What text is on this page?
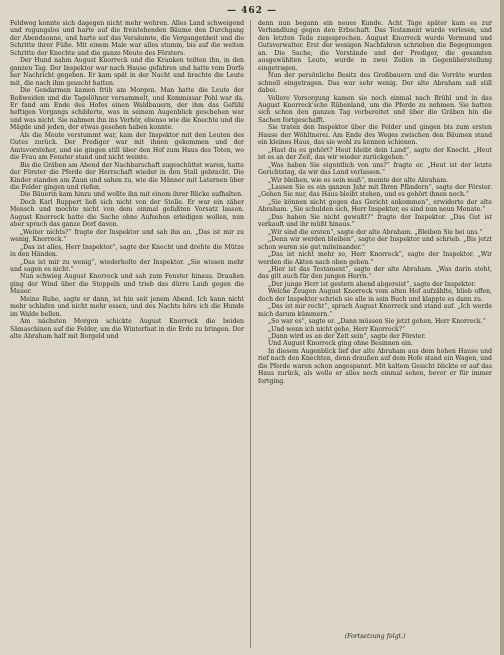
— 462 —

Feldweg konnte sich dagegen nicht mehr wehren. Alles Land schweigend und regungslos und harte auf die freistehenden Bäume den Durchgang der Abendsonne, und harte auf das Versäumte, die Vergangenheit und die Schritte ihrer Füße. Mit einem Male war alles stumm, bis auf die weiten Schritte der Knechte und die ganze Meute des Försters.

Der Hund nahm August Knorreck und die Kranken teilten ihn, in den ganzen Tag. Der Inspektor war nach Hause gefahren und hatte vom Dorfe her Nachricht gegeben. Er kam spät in der Nacht und brachte die Leute mit, die nach ihm gesucht hatten.

Die Gendarmen kamen früh am Morgen. Man hatte die Leute der Roßweiden und die Tagelöhner versammelt, und Kommissar Pohl war da. Er fand am Ende des Hofes einen Waldbauern, der ihm das Gefühl heftigen Vorgangs schilderte, was in seinem Augenblick geschehen war und was nicht. Sie nahmen ihn ins Verhör, ebenso wie die Knechte und die Mägde und jeden, der etwas gesehen haben konnte.

Als die Meute verstummt war, kam der Inspektor mit den Leuten des Gutes zurück. Der Prediger war mit ihnen gekommen und der Amtsvorsteher, und sie gingen still über den Hof zum Haus des Toten, wo die Frau am Fenster stand und nicht weinte.

Bis die Gräben am Abend der Nachbarschaft zugeschüttet waren, hatte der Förster die Pferde der Herrschaft wieder in den Stall gebracht. Die Kinder standen am Zaun und sahen zu, wie die Männer mit Laternen über die Felder gingen und riefen.

Die Bäuerin kam hinzu und wollte ihn mit einem ihrer Blicke aufhalten.

Doch Karl Ruppert ließ sich nicht von der Stelle. Er war ein zäher Mensch und mochte nicht von dem einmal gefaßten Vorsatz lassen. August Knorreck hatte die Sache ohne Aufsehen erledigen wollen, nun aber sprach das ganze Dorf davon.

„Weiter nichts?“ fragte der Inspektor und sah ihn an. „Das ist mir zu wenig, Knorreck.“

„Das ist alles, Herr Inspektor“, sagte der Knecht und drehte die Mütze in den Händen.

„Das ist mir zu wenig“, wiederholte der Inspektor. „Sie wissen mehr und sagen es nicht.“

Nun schwieg August Knorreck und sah zum Fenster hinaus. Draußen ging der Wind über die Stoppeln und trieb das dürre Laub gegen die Mauer.

Meine Ruhe, sagte er dann, ist hin seit jenem Abend. Ich kann nicht mehr schlafen und nicht mehr essen, und des Nachts höre ich die Hunde im Walde bellen.

Am nächsten Morgen schickte August Knorreck die beiden Sämaschinen auf die Felder, um die Winterfaat in die Erde zu bringen. Der alte Abraham half mit Borgeld und

denn nun begann ein neues Kunde. Acht Tage später kam es zur Verhandlung gegen den Erbschaft. Das Testament wurde verlesen, und den letzten Teile zugesprochen. August Knorreck wurde Vormund und Gutsverwalter. Erst der wenigen Nachfahren schrieben die Begegnungen an. Die Sache, die Vorstände und der Prediger, die gesamten ausgewählten Leute, wurde in zwei Zeilen in Gegenüberstellung eingetragen.

Nun der persönliche Besitz des Großbauern und die Vorräte wurden schnell eingetragen. Das war sehr wenig. Der alte Abraham saß still dabei.

Vollere Vorsorgung kamen sie noch einmal nach Brühl und in das August Knorreck'sche Rübenland, um die Pferde zu nehmen. Sie hatten sich schon den ganzen Tag vorbereitet und über die Gräben hin die Sachen fortgeschafft.

Sie traten den Inspektor über die Felder und gingen bis zum ersten Hause der Wöhltnerei. Am Ende des Weges zwischen den Bäumen stand ein kleines Haus, das sie wohl zu kennen schienen.

„Hast du es gehört? Heut bleibt dein Land“, sagte der Knecht. „Heut ist es an der Zeit, das wir wieder zurückgehen.“

„Was haben Sie eigentlich von uns?“ fragte er. „Heut ist der letzte Gerichtstag, da wir das Land verlassen.“

„Wir bleiben, wie es sein muß“, meinte der alte Abraham.

„Lassen Sie es ein ganzen Jahr mit Ihren Pfändern“, sagte der Förster. „Gehen Sie nur, das Haus bleibt stehen, und es gehört ihnen noch.“

„Sie können nicht gegen das Gericht ankommen“, erwiderte der alte Abraham. „Sie schulden sich, Herr Inspektor, es sind nun neun Monate.“

„Das haben Sie nicht gewußt?“ fragte der Inspektor. „Das Gut ist verkauft und ihr müßt hinaus.“

„Wir sind die ersten“, sagte der alte Abraham. „Bleiben Sie bei uns.“

„Denn wir werden bleiben“, sagte der Inspektor und schrieb. „Bis jetzt schon waren sie gut miteinander.“

„Das ist nicht mehr so, Herr Knorreck“, sagte der Inspektor. „Wir werden die Akten nach oben geben.“

„Hier ist das Testament“, sagte der alte Abraham. „Was darin steht, das gilt auch für den jungen Herrn.“

„Der junge Herr ist gestern abend abgereist“, sagte der Inspektor.

Welche Zeugen August Knorreck vom alten Hof aufzählte, blieb offen, doch der Inspektor schrieb sie alle in sein Buch und klappte es dann zu.

„Das ist mir recht“, sprach August Knorreck und stand auf. „Ich werde mich darum kümmern.“

„So war es“, sagte er. „Dann müssen Sie jetzt gehen, Herr Knorreck.“

„Und wenn ich nicht gehe, Herr Knorreck?“

„Dann wird es an der Zeit sein“, sagte der Förster.

Und August Knorreck ging ohne Besinnen ein.

In diesem Augenblick lief der alte Abraham aus dem hohen Hause und rief nach den Knechten, denn draußen auf dem Hofe stand ein Wagen, und die Pferde waren schon angespannt. Mit kaltem Gesicht blickte er auf das Haus zurück, als wolle er alles noch einmal sehen, bevor er für immer fortging.

(Fortsetzung folgt.)
